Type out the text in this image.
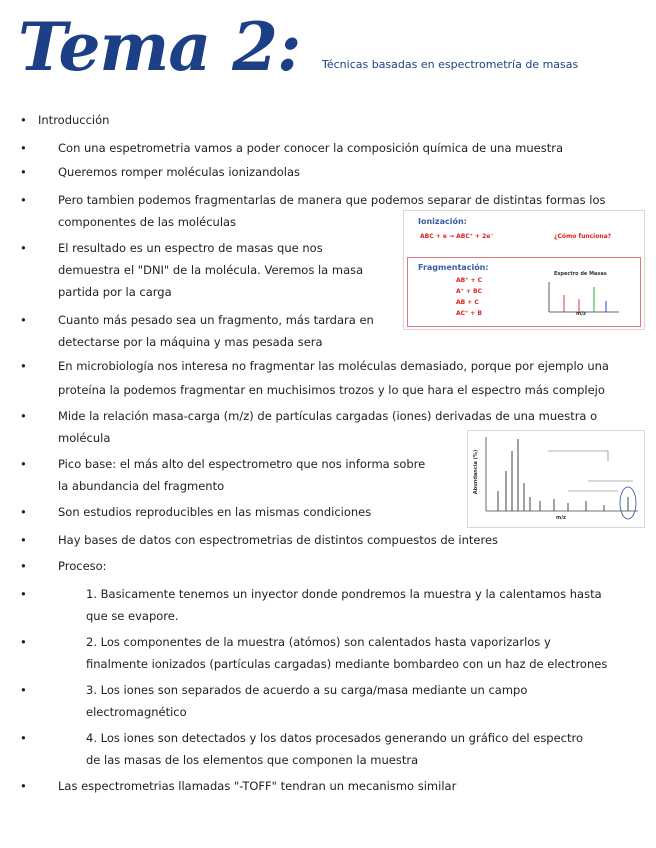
Tema 2: Técnicas basadas en espectrometría de masas
• Introducción
•	Con una espetrometria vamos a poder conocer la composición química de una muestra
•	Queremos romper moléculas ionizandolas
•	Pero tambien podemos fragmentarlas de manera que podemos separar de distintas formas los
componentes de las moléculas
•	El resultado es un espectro de masas que nos
demuestra el "DNI" de la molécula. Veremos la masa
partida por la carga
•	Cuanto más pesado sea un fragmento, más tardara en
detectarse por la máquina y mas pesada sera
•	En microbiología nos interesa no fragmentar las moléculas demasiado, porque por ejemplo una
proteína la podemos fragmentar en muchisimos trozos y lo que hara el espectro más complejo
•	Mide la relación masa-carga (m/z) de partículas cargadas (iones) derivadas de una muestra o
molécula
•	Pico base: el más alto del espectrometro que nos informa sobre
la abundancia del fragmento
•	Son estudios reproducibles en las mismas condiciones
•	Hay bases de datos con espectrometrias de distintos compuestos de interes
•	Proceso:
•	1. Basicamente tenemos un inyector donde pondremos la muestra y la calentamos hasta
que se evapore.
•	2. Los componentes de la muestra (atómos) son calentados hasta vaporizarlos y
finalmente ionizados (partículas cargadas) mediante bombardeo con un haz de electrones
•	3. Los iones son separados de acuerdo a su carga/masa mediante un campo
electromagnético
•	4. Los iones son detectados y los datos procesados generando un gráfico del espectro
de las masas de los elementos que componen la muestra
•	Las espectrometrias llamadas "-TOFF" tendran un mecanismo similar
Ionización:
ABC + e → ABC⁺ + 2e⁻	¿Cómo funciona?
Fragmentación:
AB⁺ + C
A⁺ + BC
AB + C
AC⁺ + B
Espectro de Masas
m/z
Abundancia (%)
m/z
